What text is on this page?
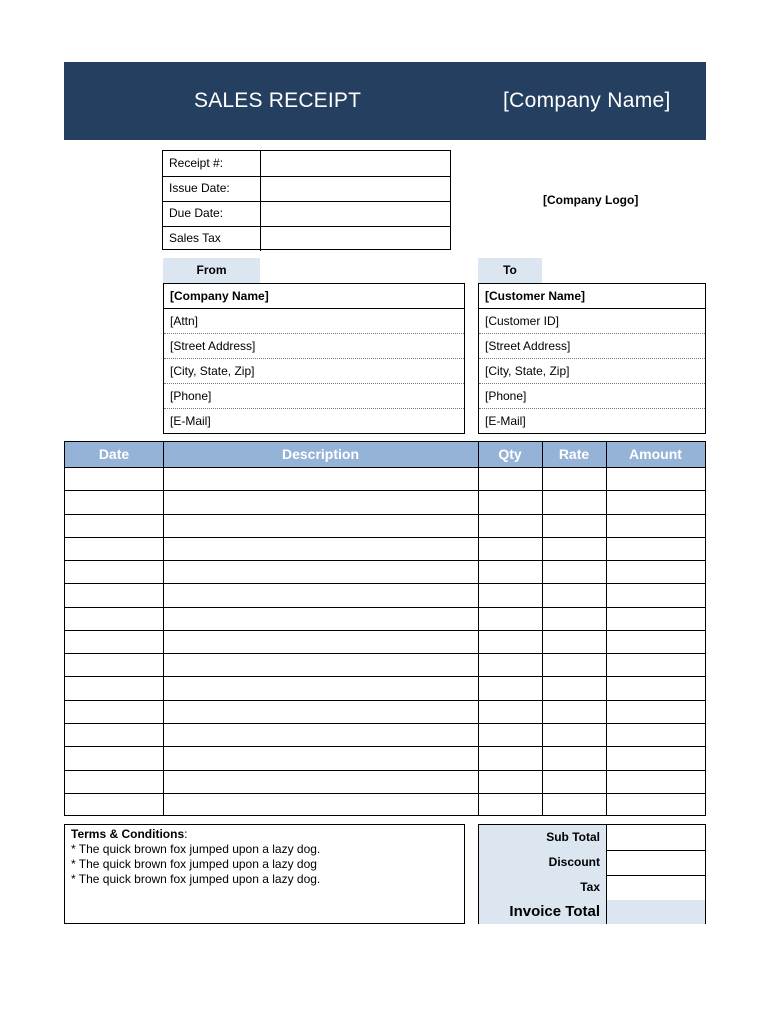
SALES RECEIPT	[Company Name]
Receipt #:
Issue Date:
Due Date:
Sales Tax
[Company Logo]
From	To
[Company Name]
[Attn]
[Street Address]
[City, State, Zip]
[Phone]
[E-Mail]
[Customer Name]
[Customer ID]
[Street Address]
[City, State, Zip]
[Phone]
[E-Mail]
Date	Description	Qty	Rate	Amount
Terms & Conditions:
* The quick brown fox jumped upon a lazy dog.
* The quick brown fox jumped upon a lazy dog
* The quick brown fox jumped upon a lazy dog.
Sub Total
Discount
Tax
Invoice Total
